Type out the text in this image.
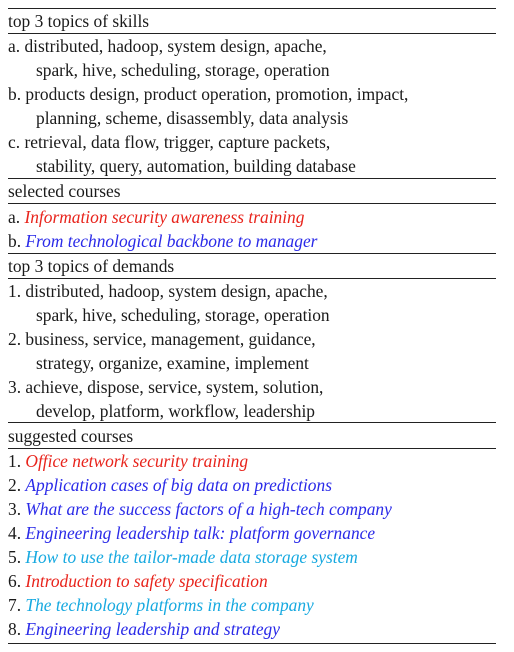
top 3 topics of skills
a. distributed, hadoop, system design, apache,
spark, hive, scheduling, storage, operation
b. products design, product operation, promotion, impact,
planning, scheme, disassembly, data analysis
c. retrieval, data flow, trigger, capture packets,
stability, query, automation, building database
selected courses
a. Information security awareness training
b. From technological backbone to manager
top 3 topics of demands
1. distributed, hadoop, system design, apache,
spark, hive, scheduling, storage, operation
2. business, service, management, guidance,
strategy, organize, examine, implement
3. achieve, dispose, service, system, solution,
develop, platform, workflow, leadership
suggested courses
1. Office network security training
2. Application cases of big data on predictions
3. What are the success factors of a high-tech company
4. Engineering leadership talk: platform governance
5. How to use the tailor-made data storage system
6. Introduction to safety specification
7. The technology platforms in the company
8. Engineering leadership and strategy
